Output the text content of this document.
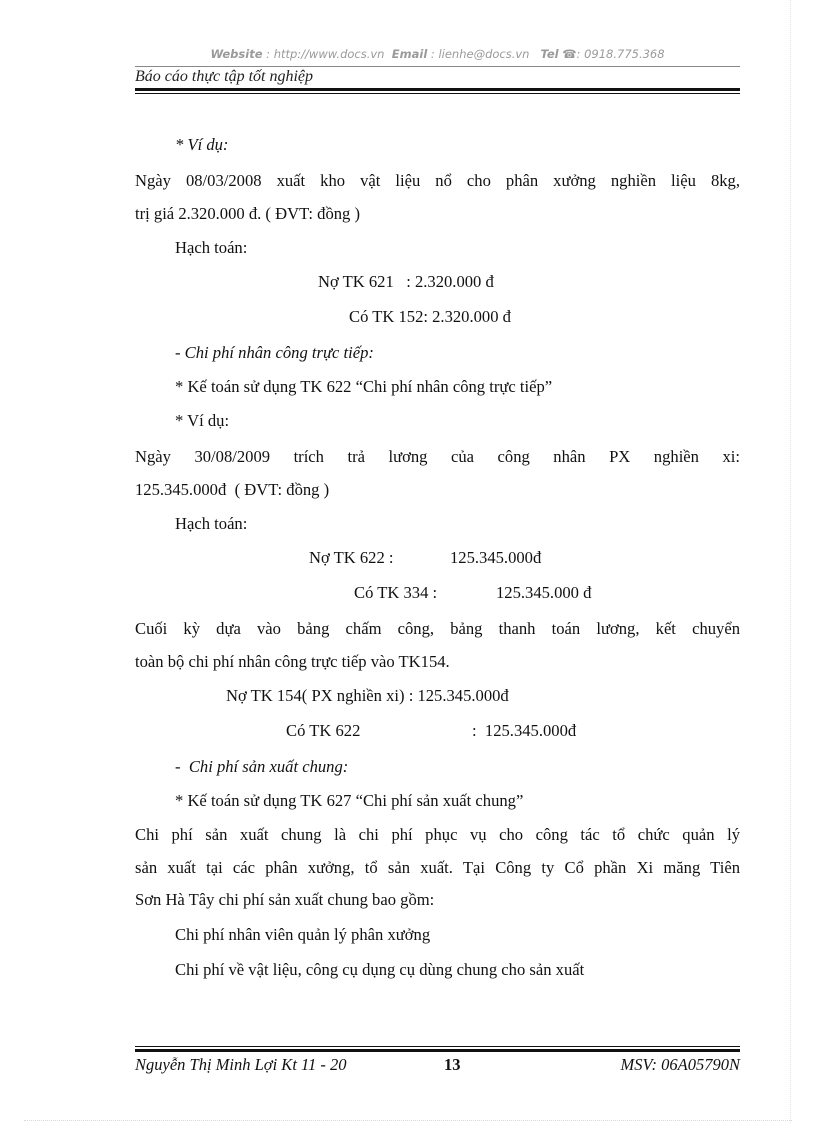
Website : http://www.docs.vn Email : lienhe@docs.vn Tel ☎: 0918.775.368
Báo cáo thực tập tốt nghiệp
* Ví dụ:
Ngày 08/03/2008 xuất kho vật liệu nổ cho phân xưởng nghiền liệu 8kg,
trị giá 2.320.000 đ. ( ĐVT: đồng )
Hạch toán:
Nợ TK 621   : 2.320.000 đ
Có TK 152: 2.320.000 đ
- Chi phí nhân công trực tiếp:
* Kế toán sử dụng TK 622 “Chi phí nhân công trực tiếp”
* Ví dụ:
Ngày 30/08/2009 trích trả lương của công nhân PX nghiền xi:
125.345.000đ  ( ĐVT: đồng )
Hạch toán:
Nợ TK 622 :	125.345.000đ
Có TK 334 :	125.345.000 đ
Cuối kỳ dựa vào bảng chấm công, bảng thanh toán lương, kết chuyển
toàn bộ chi phí nhân công trực tiếp vào TK154.
Nợ TK 154( PX nghiền xi) : 125.345.000đ
Có TK 622	:  125.345.000đ
-  Chi phí sản xuất chung:
* Kế toán sử dụng TK 627 “Chi phí sản xuất chung”
Chi phí sản xuất chung là chi phí phục vụ cho công tác tổ chức quản lý
sản xuất tại các phân xưởng, tổ sản xuất. Tại Công ty Cổ phần Xi măng Tiên
Sơn Hà Tây chi phí sản xuất chung bao gồm:
Chi phí nhân viên quản lý phân xưởng
Chi phí về vật liệu, công cụ dụng cụ dùng chung cho sản xuất
Nguyễn Thị Minh Lợi Kt 11 - 20	13	MSV: 06A05790N
